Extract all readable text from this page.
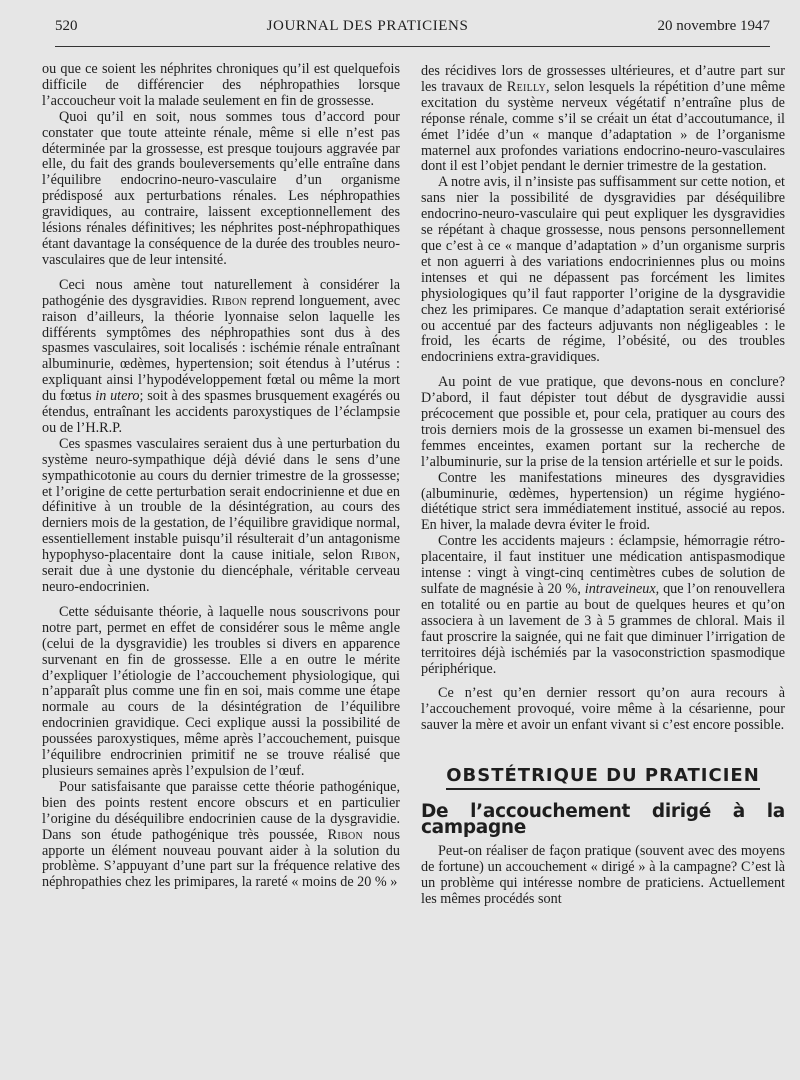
520	JOURNAL DES PRATICIENS	20 novembre 1947

ou que ce soient les néphrites chroniques qu’il est quelquefois difficile de différencier des néphropathies lorsque l’accoucheur voit la malade seulement en fin de grossesse.

Quoi qu’il en soit, nous sommes tous d’accord pour constater que toute atteinte rénale, même si elle n’est pas déterminée par la grossesse, est presque toujours aggravée par elle, du fait des grands bouleversements qu’elle entraîne dans l’équilibre endocrino-neuro-vasculaire d’un organisme prédisposé aux perturbations rénales. Les néphropathies gravidiques, au contraire, laissent exceptionnellement des lésions rénales définitives; les néphrites post-néphropathiques étant davantage la conséquence de la durée des troubles neuro-vasculaires que de leur intensité.

Ceci nous amène tout naturellement à considérer la pathogénie des dysgravidies. Ribon reprend longuement, avec raison d’ailleurs, la théorie lyonnaise selon laquelle les différents symptômes des néphropathies sont dus à des spasmes vasculaires, soit localisés : ischémie rénale entraînant albuminurie, œdèmes, hypertension; soit étendus à l’utérus : expliquant ainsi l’hypodéveloppement fœtal ou même la mort du fœtus in utero; soit à des spasmes brusquement exagérés ou étendus, entraînant les accidents paroxystiques de l’éclampsie ou de l’H.R.P.

Ces spasmes vasculaires seraient dus à une perturbation du système neuro-sympathique déjà dévié dans le sens d’une sympathicotonie au cours du dernier trimestre de la grossesse; et l’origine de cette perturbation serait endocrinienne et due en définitive à un trouble de la désintégration, au cours des derniers mois de la gestation, de l’équilibre gravidique normal, essentiellement instable puisqu’il résulterait d’un antagonisme hypophyso-placentaire dont la cause initiale, selon Ribon, serait due à une dystonie du diencéphale, véritable cerveau neuro-endocrinien.

Cette séduisante théorie, à laquelle nous souscrivons pour notre part, permet en effet de considérer sous le même angle (celui de la dysgravidie) les troubles si divers en apparence survenant en fin de grossesse. Elle a en outre le mérite d’expliquer l’étiologie de l’accouchement physiologique, qui n’apparaît plus comme une fin en soi, mais comme une étape normale au cours de la désintégration de l’équilibre endocrinien gravidique. Ceci explique aussi la possibilité de poussées paroxystiques, même après l’accouchement, puisque l’équilibre endrocrinien primitif ne se trouve réalisé que plusieurs semaines après l’expulsion de l’œuf.

Pour satisfaisante que paraisse cette théorie pathogénique, bien des points restent encore obscurs et en particulier l’origine du déséquilibre endocrinien cause de la dysgravidie. Dans son étude pathogénique très poussée, Ribon nous apporte un élément nouveau pouvant aider à la solution du problème. S’appuyant d’une part sur la fréquence relative des néphropathies chez les primipares, la rareté « moins de 20 % »

des récidives lors de grossesses ultérieures, et d’autre part sur les travaux de Reilly, selon lesquels la répétition d’une même excitation du système nerveux végétatif n’entraîne plus de réponse rénale, comme s’il se créait un état d’accoutumance, il émet l’idée d’un « manque d’adaptation » de l’organisme maternel aux profondes variations endocrino-neuro-vasculaires dont il est l’objet pendant le dernier trimestre de la gestation.

A notre avis, il n’insiste pas suffisamment sur cette notion, et sans nier la possibilité de dysgravidies par déséquilibre endocrino-neuro-vasculaire qui peut expliquer les dysgravidies se répétant à chaque grossesse, nous pensons personnellement que c’est à ce « manque d’adaptation » d’un organisme surpris et non aguerri à des variations endocriniennes plus ou moins intenses et qui ne dépassent pas forcément les limites physiologiques qu’il faut rapporter l’origine de la dysgravidie chez les primipares. Ce manque d’adaptation serait extériorisé ou accentué par des facteurs adjuvants non négligeables : le froid, les écarts de régime, l’obésité, ou des troubles endocriniens extra-gravidiques.

Au point de vue pratique, que devons-nous en conclure? D’abord, il faut dépister tout début de dysgravidie aussi précocement que possible et, pour cela, pratiquer au cours des trois derniers mois de la grossesse un examen bi-mensuel des femmes enceintes, examen portant sur la recherche de l’albuminurie, sur la prise de la tension artérielle et sur le poids.

Contre les manifestations mineures des dysgravidies (albuminurie, œdèmes, hypertension) un régime hygiéno-diététique strict sera immédiatement institué, associé au repos. En hiver, la malade devra éviter le froid.

Contre les accidents majeurs : éclampsie, hémorragie rétro-placentaire, il faut instituer une médication antispasmodique intense : vingt à vingt-cinq centimètres cubes de solution de sulfate de magnésie à 20 %, intraveineux, que l’on renouvellera en totalité ou en partie au bout de quelques heures et qu’on associera à un lavement de 3 à 5 grammes de chloral. Mais il faut proscrire la saignée, qui ne fait que diminuer l’irrigation de territoires déjà ischémiés par la vasoconstriction spasmodique périphérique.

Ce n’est qu’en dernier ressort qu’on aura recours à l’accouchement provoqué, voire même à la césarienne, pour sauver la mère et avoir un enfant vivant si c’est encore possible.

OBSTÉTRIQUE DU PRATICIEN
De l’accouchement dirigé à la campagne

Peut-on réaliser de façon pratique (souvent avec des moyens de fortune) un accouchement « dirigé » à la campagne? C’est là un problème qui intéresse nombre de praticiens. Actuellement les mêmes procédés sont
